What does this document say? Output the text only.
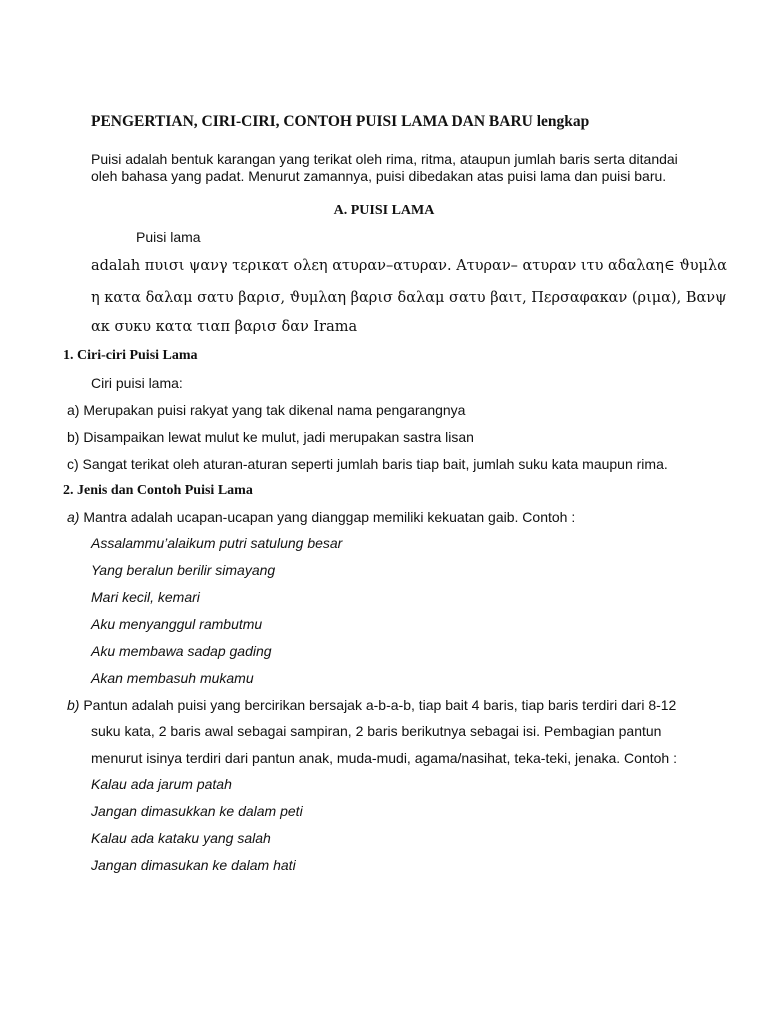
PENGERTIAN, CIRI-CIRI, CONTOH PUISI LAMA DAN BARU lengkap
Puisi adalah bentuk karangan yang terikat oleh rima, ritma, ataupun jumlah baris serta ditandai
oleh bahasa yang padat. Menurut zamannya, puisi dibedakan atas puisi lama dan puisi baru.
A. PUISI LAMA
Puisi lama
adalah πυισι ψανγ τερικατ ολεη ατυραν–ατυραν. Ατυραν– ατυραν ιτυ αδαλαη∈ ϑυμλα
η κατα δαλαμ σατυ βαρισ, ϑυμλαη βαρισ δαλαμ σατυ βαιτ, Περσαφακαν (ριμα), Βανψ
ακ συκυ κατα τιαπ βαρισ δαν Irama
1. Ciri-ciri Puisi Lama
Ciri puisi lama:
a) Merupakan puisi rakyat yang tak dikenal nama pengarangnya
b) Disampaikan lewat mulut ke mulut, jadi merupakan sastra lisan
c) Sangat terikat oleh aturan-aturan seperti jumlah baris tiap bait, jumlah suku kata maupun rima.
2. Jenis dan Contoh Puisi Lama
a) Mantra adalah ucapan-ucapan yang dianggap memiliki kekuatan gaib. Contoh :
Assalammu’alaikum putri satulung besar
Yang beralun berilir simayang
Mari kecil, kemari
Aku menyanggul rambutmu
Aku membawa sadap gading
Akan membasuh mukamu
b) Pantun adalah puisi yang bercirikan bersajak a-b-a-b, tiap bait 4 baris, tiap baris terdiri dari 8-12
suku kata, 2 baris awal sebagai sampiran, 2 baris berikutnya sebagai isi. Pembagian pantun
menurut isinya terdiri dari pantun anak, muda-mudi, agama/nasihat, teka-teki, jenaka. Contoh :
Kalau ada jarum patah
Jangan dimasukkan ke dalam peti
Kalau ada kataku yang salah
Jangan dimasukan ke dalam hati
